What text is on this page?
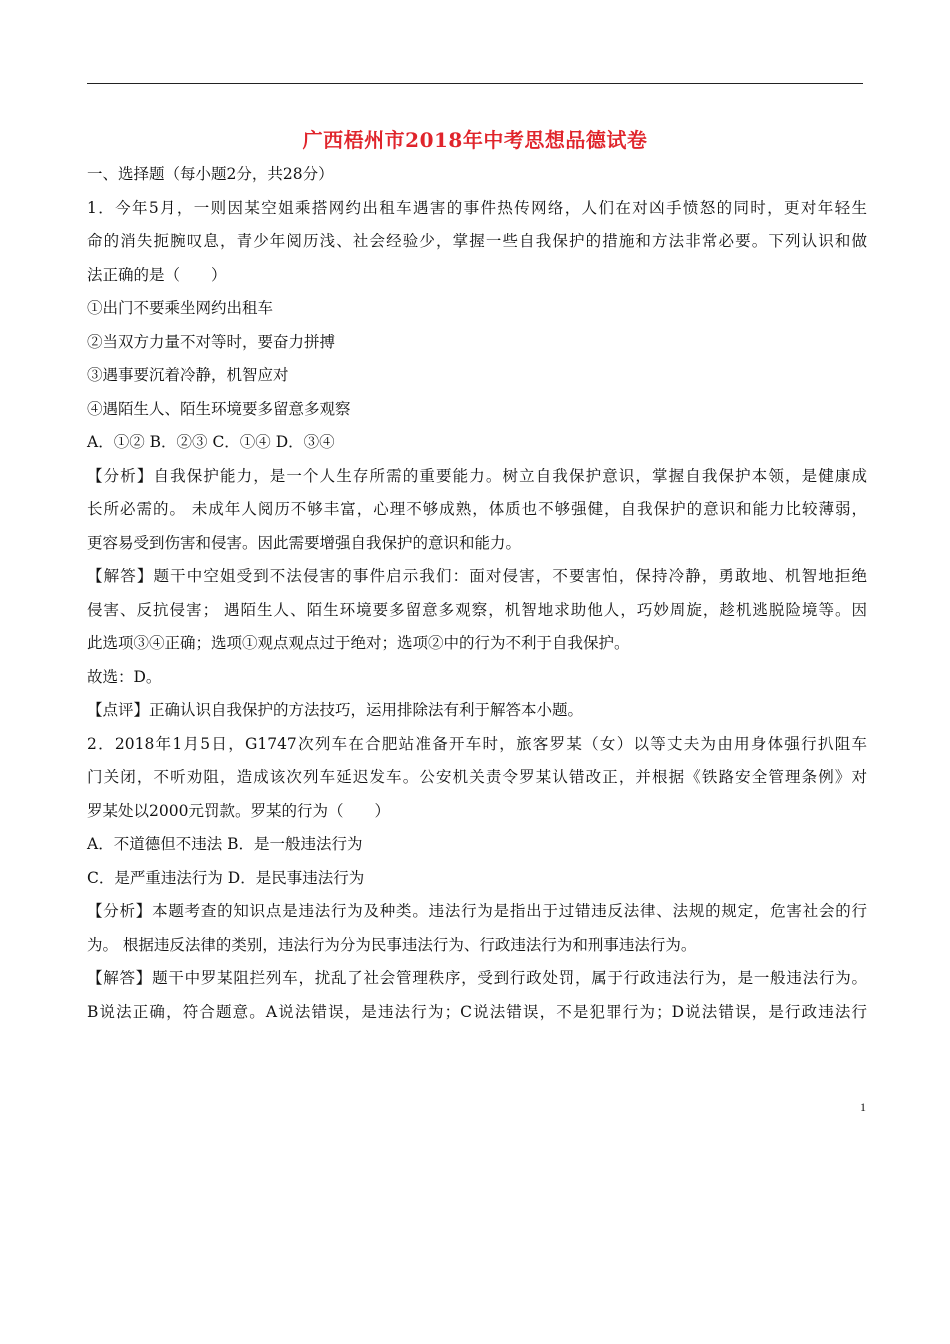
广西梧州市2018年中考思想品德试卷
一、选择题（每小题2分，共28分）
1．今年5月，一则因某空姐乘搭网约出租车遇害的事件热传网络，人们在对凶手愤怒的同时，更对年轻生
命的消失扼腕叹息，青少年阅历浅、社会经验少，掌握一些自我保护的措施和方法非常必要。下列认识和做
法正确的是（　　）
①出门不要乘坐网约出租车
②当双方力量不对等时，要奋力拼搏
③遇事要沉着冷静，机智应对
④遇陌生人、陌生环境要多留意多观察
A．①② B．②③ C．①④ D．③④
【分析】自我保护能力，是一个人生存所需的重要能力。树立自我保护意识，掌握自我保护本领，是健康成
长所必需的。 未成年人阅历不够丰富，心理不够成熟，体质也不够强健，自我保护的意识和能力比较薄弱，
更容易受到伤害和侵害。因此需要增强自我保护的意识和能力。
【解答】题干中空姐受到不法侵害的事件启示我们：面对侵害，不要害怕，保持冷静，勇敢地、机智地拒绝
侵害、反抗侵害； 遇陌生人、陌生环境要多留意多观察，机智地求助他人，巧妙周旋，趁机逃脱险境等。因
此选项③④正确；选项①观点观点过于绝对；选项②中的行为不利于自我保护。
故选：D。
【点评】正确认识自我保护的方法技巧，运用排除法有利于解答本小题。
2．2018年1月5日，G1747次列车在合肥站准备开车时，旅客罗某（女）以等丈夫为由用身体强行扒阻车
门关闭，不听劝阻，造成该次列车延迟发车。公安机关责令罗某认错改正，并根据《铁路安全管理条例》对
罗某处以2000元罚款。罗某的行为（　　）
A．不道德但不违法 B．是一般违法行为
C．是严重违法行为 D．是民事违法行为
【分析】本题考查的知识点是违法行为及种类。违法行为是指出于过错违反法律、法规的规定，危害社会的行
为。 根据违反法律的类别，违法行为分为民事违法行为、行政违法行为和刑事违法行为。
【解答】题干中罗某阻拦列车，扰乱了社会管理秩序，受到行政处罚，属于行政违法行为，是一般违法行为。
B说法正确，符合题意。A说法错误，是违法行为；C说法错误，不是犯罪行为；D说法错误，是行政违法行
1
